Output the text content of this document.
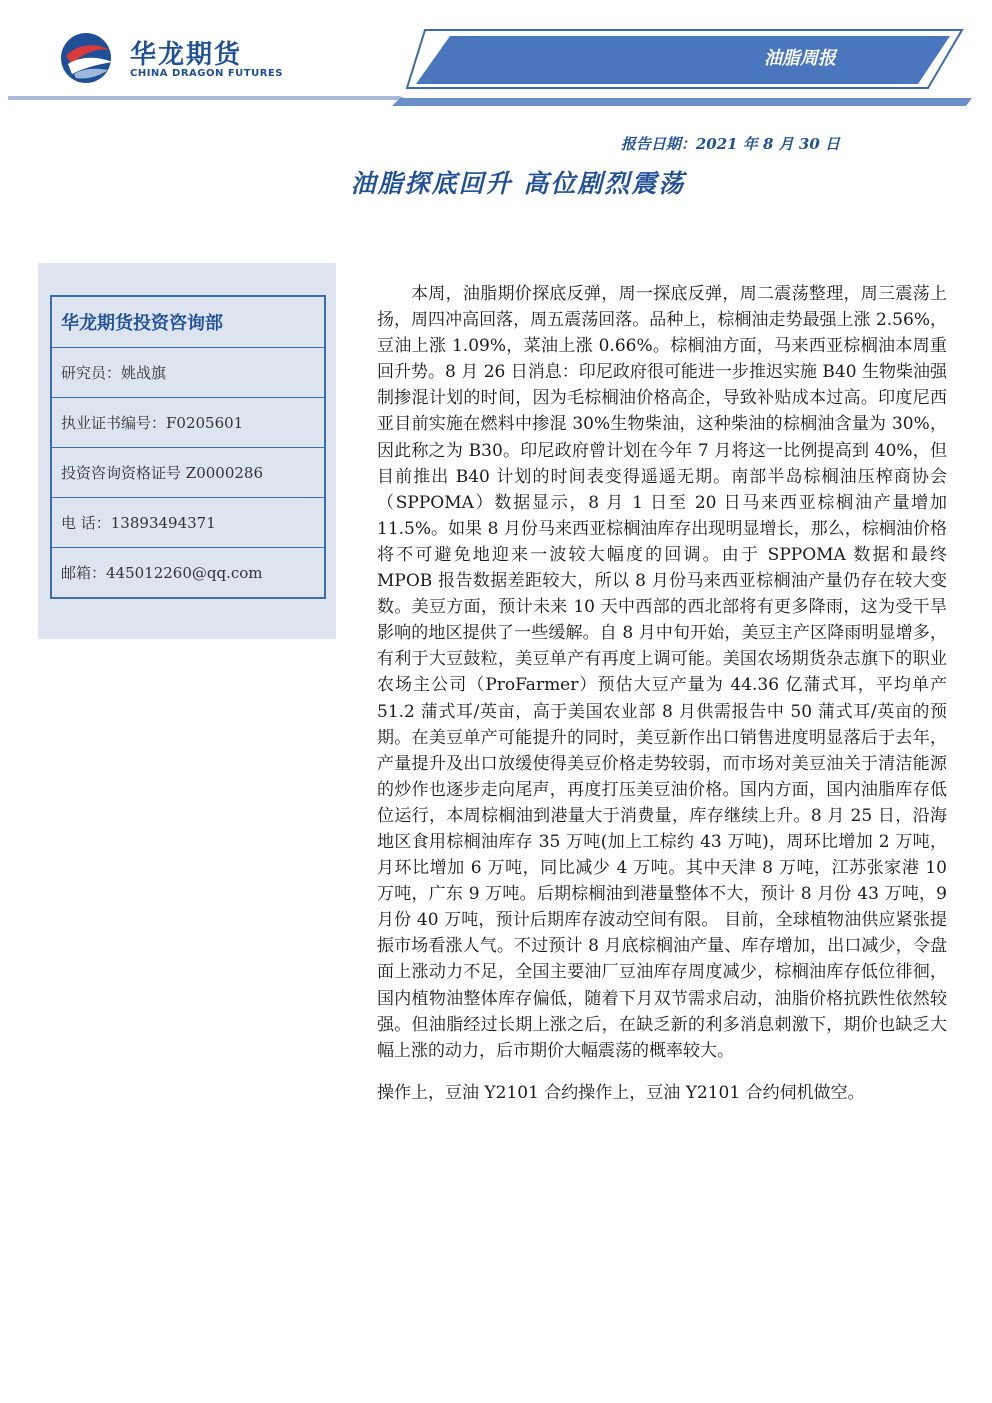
华龙期货
CHINA DRAGON FUTURES
油脂周报
报告日期：2021 年 8 月 30 日
油脂探底回升 高位剧烈震荡
华龙期货投资咨询部
研究员：姚战旗
执业证书编号：F0205601
投资咨询资格证号 Z0000286
电 话：13893494371
邮箱：445012260@qq.com

本周，油脂期价探底反弹，周一探底反弹，周二震荡整理，周三震荡上扬，周四冲高回落，周五震荡回落。品种上，棕榈油走势最强上涨 2.56%，豆油上涨 1.09%，菜油上涨 0.66%。棕榈油方面，马来西亚棕榈油本周重回升势。8 月 26 日消息：印尼政府很可能进一步推迟实施 B40 生物柴油强制掺混计划的时间，因为毛棕榈油价格高企，导致补贴成本过高。印度尼西亚目前实施在燃料中掺混 30%生物柴油，这种柴油的棕榈油含量为 30%，因此称之为 B30。印尼政府曾计划在今年 7 月将这一比例提高到 40%，但目前推出 B40 计划的时间表变得遥遥无期。南部半岛棕榈油压榨商协会（SPPOMA）数据显示，8 月 1 日至 20 日马来西亚棕榈油产量增加 11.5%。如果 8 月份马来西亚棕榈油库存出现明显增长，那么，棕榈油价格将不可避免地迎来一波较大幅度的回调。由于 SPPOMA 数据和最终 MPOB 报告数据差距较大，所以 8 月份马来西亚棕榈油产量仍存在较大变数。美豆方面，预计未来 10 天中西部的西北部将有更多降雨，这为受干旱影响的地区提供了一些缓解。自 8 月中旬开始，美豆主产区降雨明显增多，有利于大豆鼓粒，美豆单产有再度上调可能。美国农场期货杂志旗下的职业农场主公司（ProFarmer）预估大豆产量为 44.36 亿蒲式耳，平均单产 51.2 蒲式耳/英亩，高于美国农业部 8 月供需报告中 50 蒲式耳/英亩的预期。在美豆单产可能提升的同时，美豆新作出口销售进度明显落后于去年，产量提升及出口放缓使得美豆价格走势较弱，而市场对美豆油关于清洁能源的炒作也逐步走向尾声，再度打压美豆油价格。国内方面，国内油脂库存低位运行，本周棕榈油到港量大于消费量，库存继续上升。8 月 25 日，沿海地区食用棕榈油库存 35 万吨(加上工棕约 43 万吨)，周环比增加 2 万吨，月环比增加 6 万吨，同比减少 4 万吨。其中天津 8 万吨，江苏张家港 10 万吨，广东 9 万吨。后期棕榈油到港量整体不大，预计 8 月份 43 万吨，9 月份 40 万吨，预计后期库存波动空间有限。 目前，全球植物油供应紧张提振市场看涨人气。不过预计 8 月底棕榈油产量、库存增加，出口减少，令盘面上涨动力不足，全国主要油厂豆油库存周度减少，棕榈油库存低位徘徊，国内植物油整体库存偏低，随着下月双节需求启动，油脂价格抗跌性依然较强。但油脂经过长期上涨之后，在缺乏新的利多消息刺激下，期价也缺乏大幅上涨的动力，后市期价大幅震荡的概率较大。

操作上，豆油 Y2101 合约操作上，豆油 Y2101 合约伺机做空。
